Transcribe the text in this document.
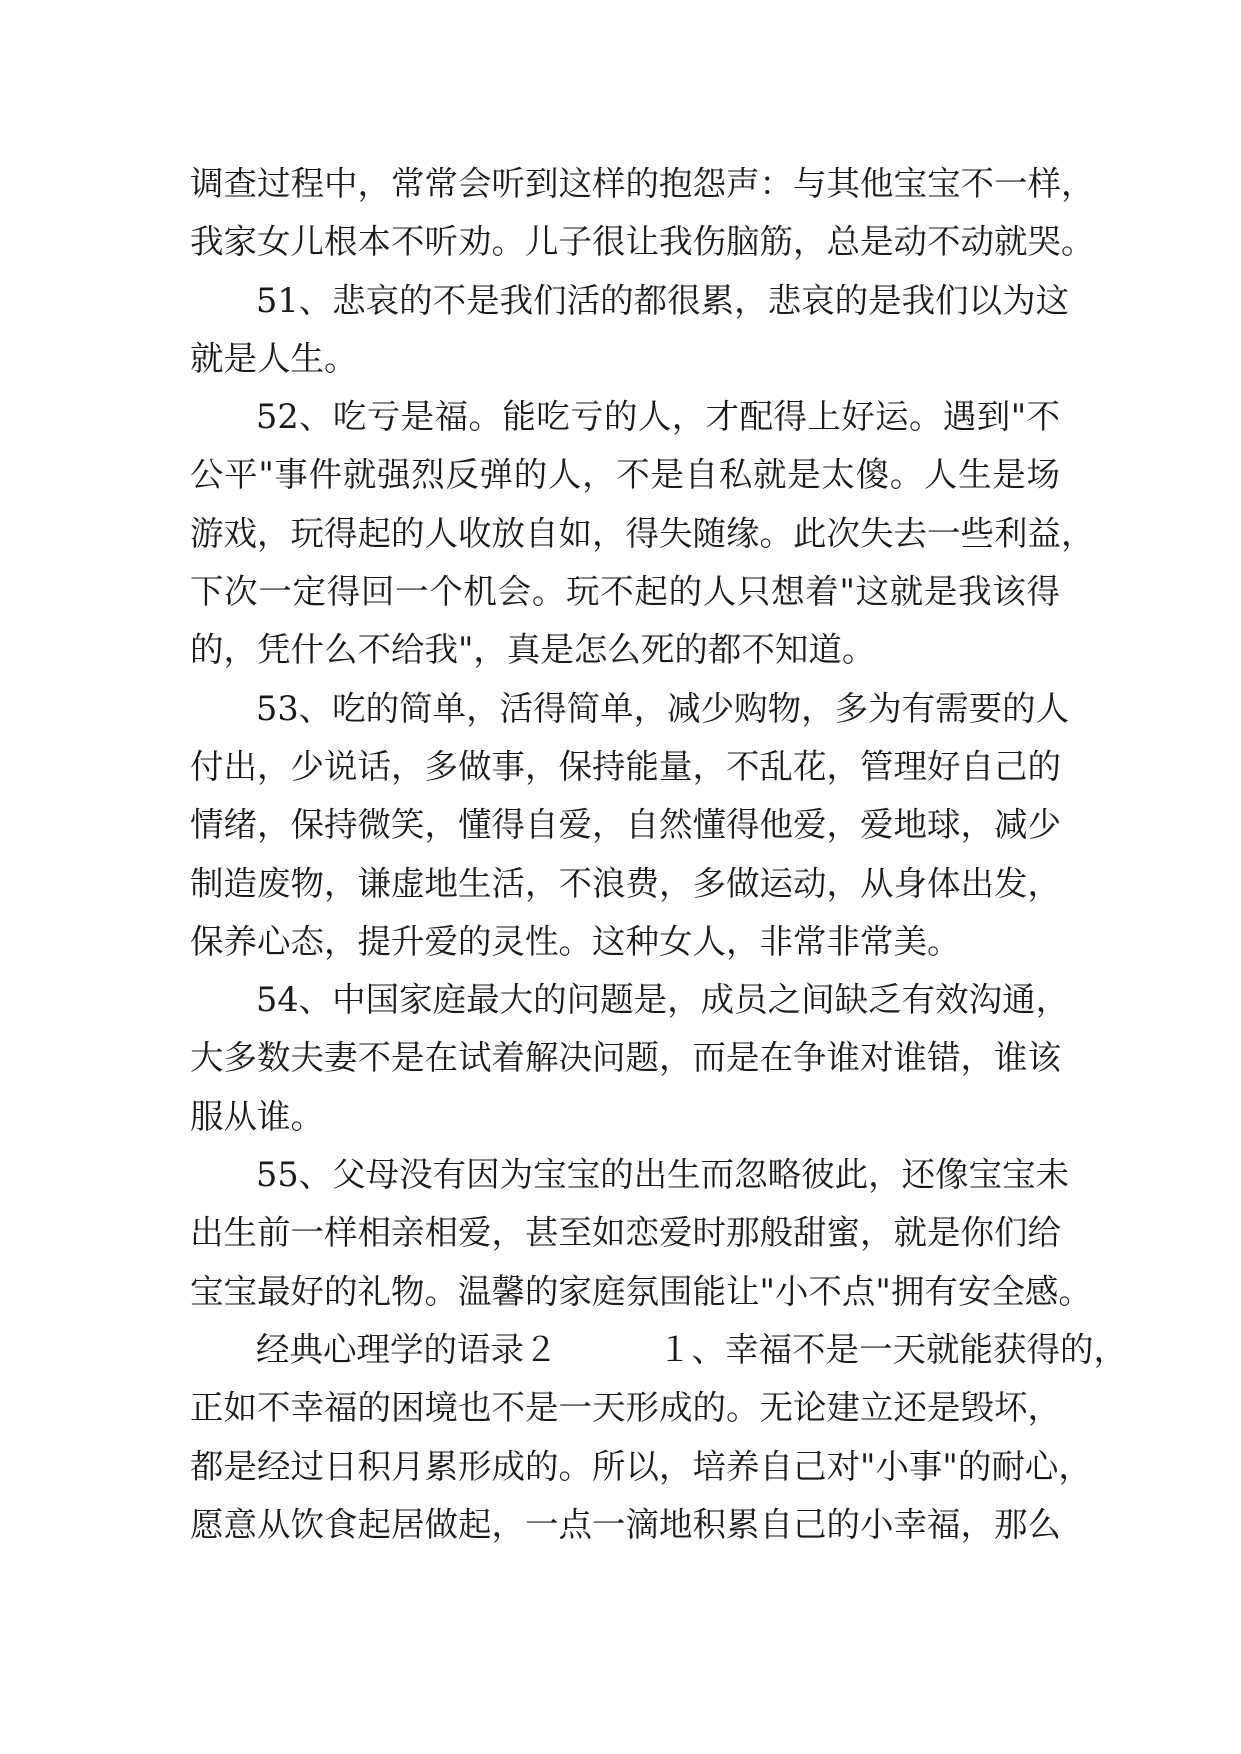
调查过程中，常常会听到这样的抱怨声：与其他宝宝不一样，
我家女儿根本不听劝。儿子很让我伤脑筋，总是动不动就哭。
51、悲哀的不是我们活的都很累，悲哀的是我们以为这
就是人生。
52、吃亏是福。能吃亏的人，才配得上好运。遇到"不
公平"事件就强烈反弹的人，不是自私就是太傻。人生是场
游戏，玩得起的人收放自如，得失随缘。此次失去一些利益，
下次一定得回一个机会。玩不起的人只想着"这就是我该得
的，凭什么不给我"，真是怎么死的都不知道。
53、吃的简单，活得简单，减少购物，多为有需要的人
付出，少说话，多做事，保持能量，不乱花，管理好自己的
情绪，保持微笑，懂得自爱，自然懂得他爱，爱地球，减少
制造废物，谦虚地生活，不浪费，多做运动，从身体出发，
保养心态，提升爱的灵性。这种女人，非常非常美。
54、中国家庭最大的问题是，成员之间缺乏有效沟通，
大多数夫妻不是在试着解决问题，而是在争谁对谁错，谁该
服从谁。
55、父母没有因为宝宝的出生而忽略彼此，还像宝宝未
出生前一样相亲相爱，甚至如恋爱时那般甜蜜，就是你们给
宝宝最好的礼物。温馨的家庭氛围能让"小不点"拥有安全感。
经典心理学的语录２　　　１、幸福不是一天就能获得的，
正如不幸福的困境也不是一天形成的。无论建立还是毁坏，
都是经过日积月累形成的。所以，培养自己对"小事"的耐心，
愿意从饮食起居做起，一点一滴地积累自己的小幸福，那么
